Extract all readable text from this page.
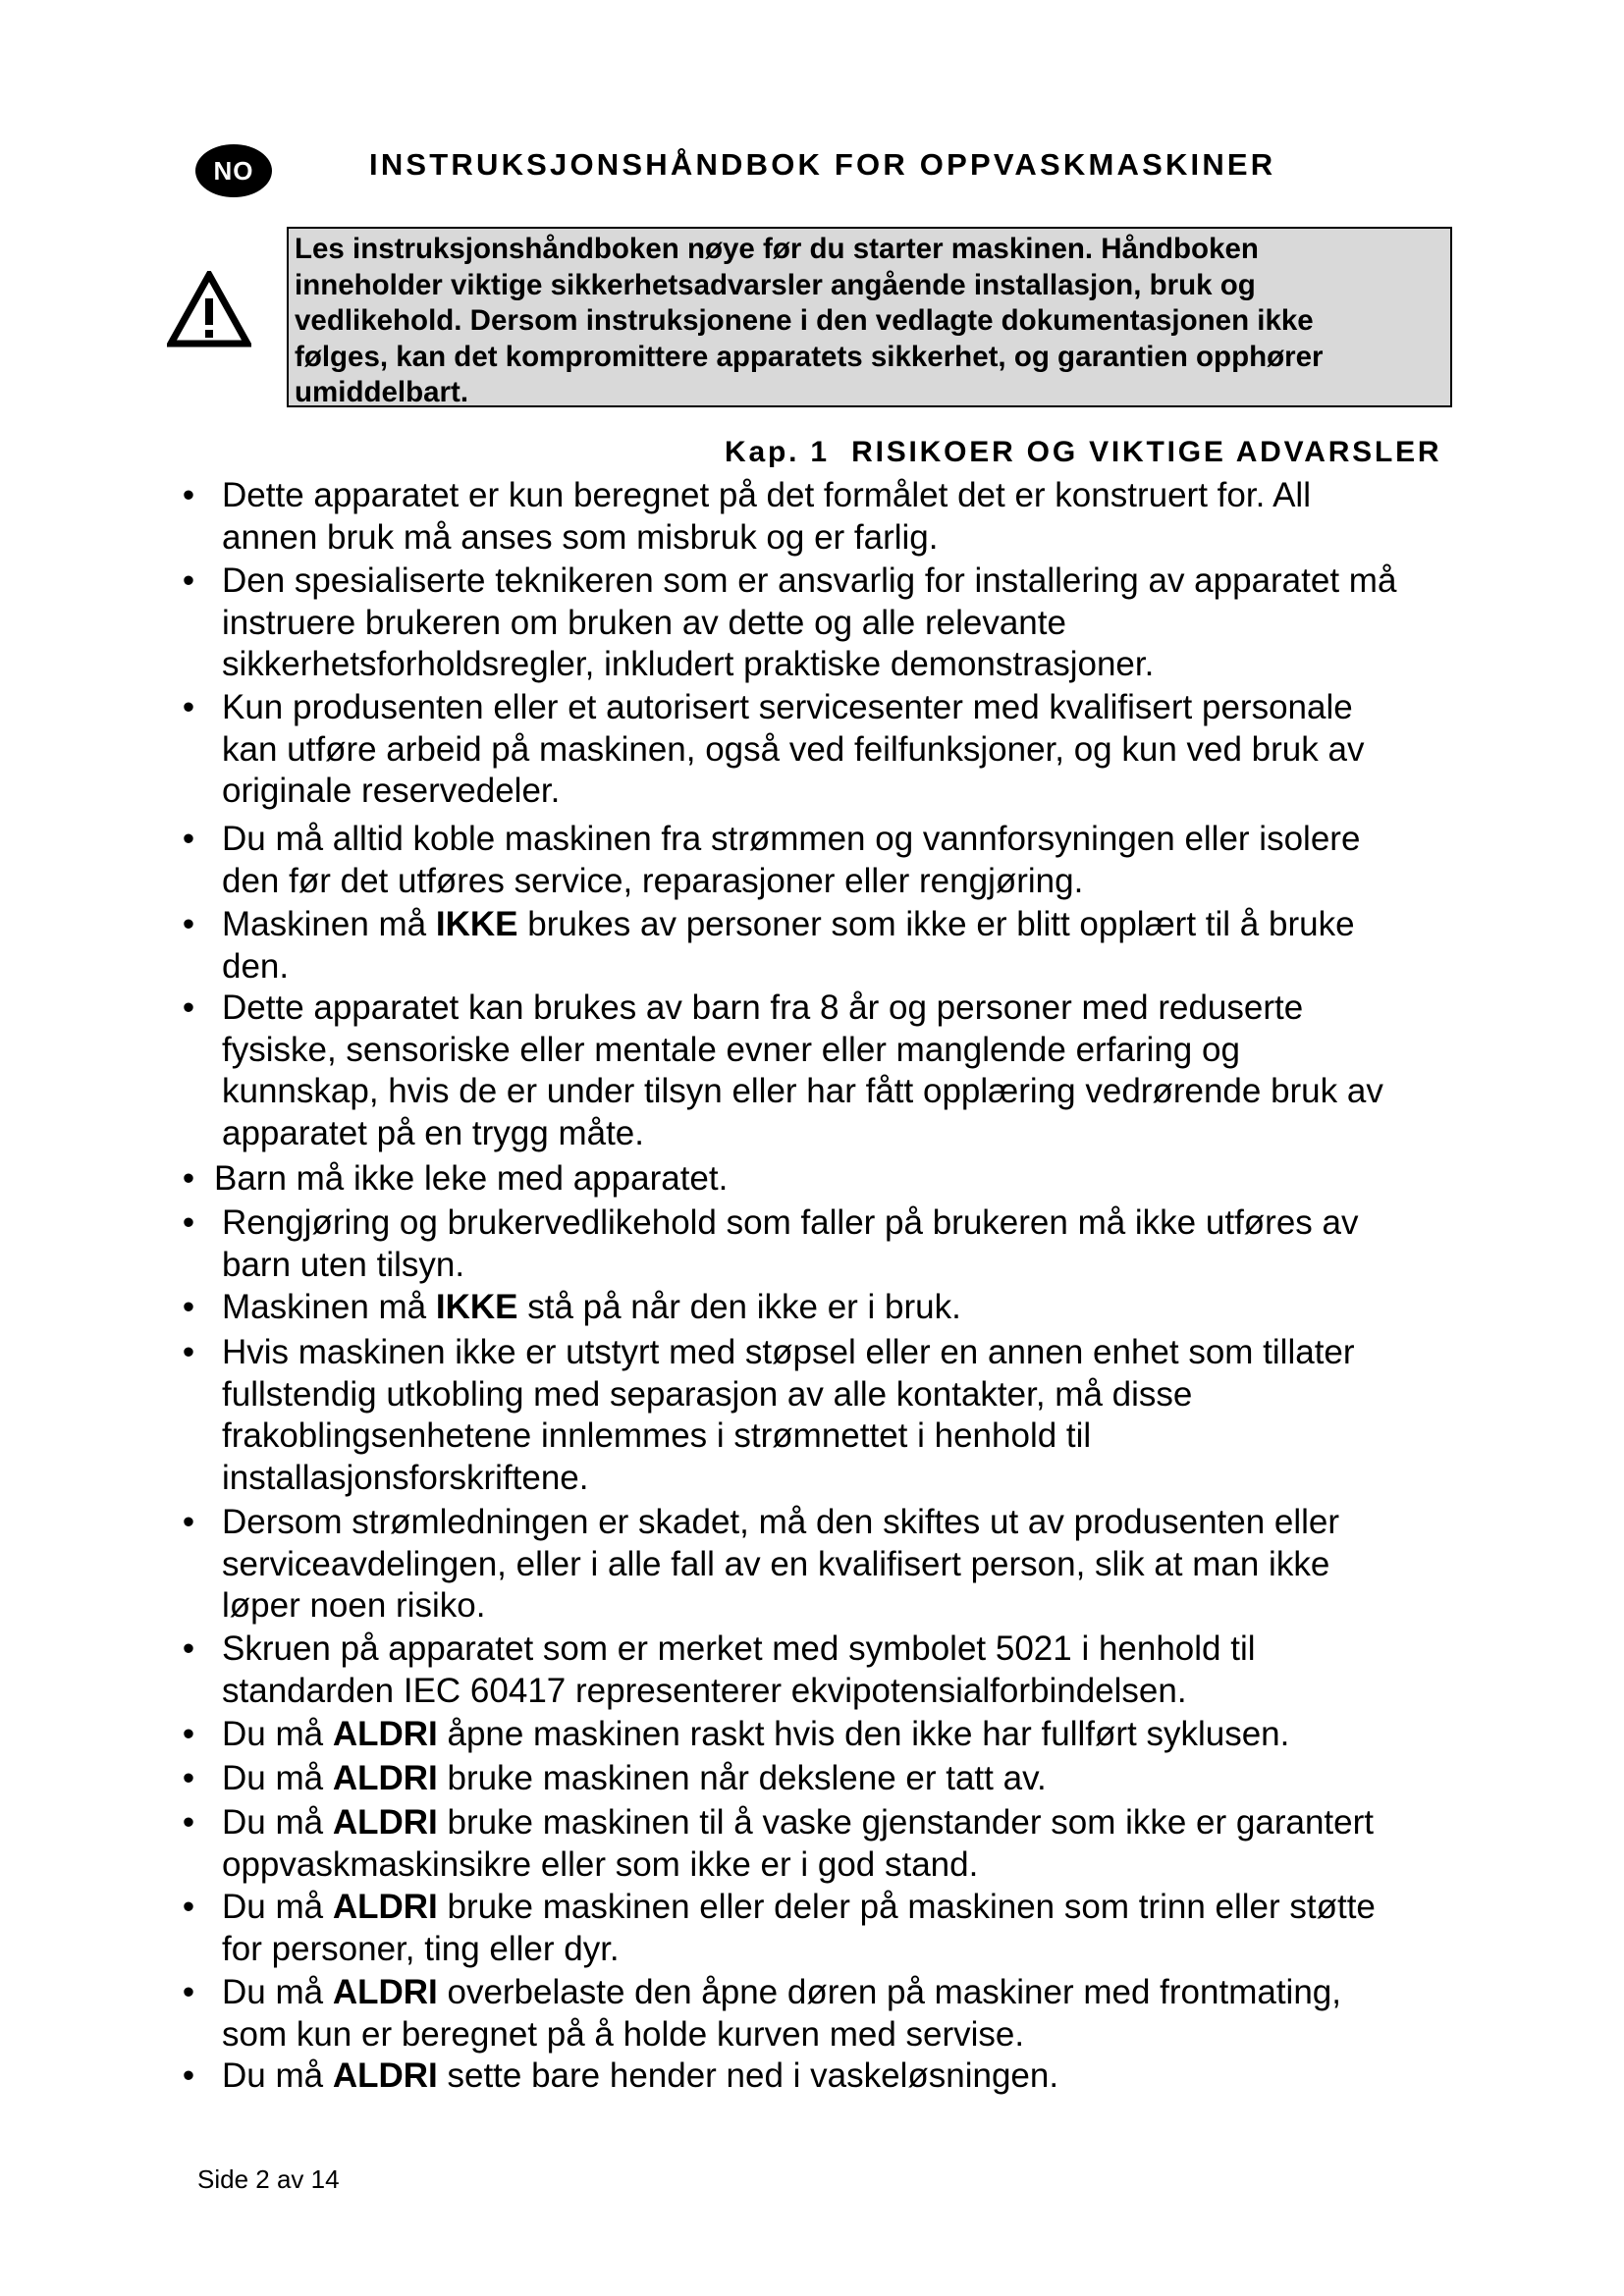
NO	INSTRUKSJONSHÅNDBOK FOR OPPVASKMASKINER
Les instruksjonshåndboken nøye før du starter maskinen. Håndboken
inneholder viktige sikkerhetsadvarsler angående installasjon, bruk og
vedlikehold. Dersom instruksjonene i den vedlagte dokumentasjonen ikke
følges, kan det kompromittere apparatets sikkerhet, og garantien opphører
umiddelbart.
Kap. 1 RISIKOER OG VIKTIGE ADVARSLER
• Dette apparatet er kun beregnet på det formålet det er konstruert for. All
annen bruk må anses som misbruk og er farlig.
• Den spesialiserte teknikeren som er ansvarlig for installering av apparatet må
instruere brukeren om bruken av dette og alle relevante
sikkerhetsforholdsregler, inkludert praktiske demonstrasjoner.
• Kun produsenten eller et autorisert servicesenter med kvalifisert personale
kan utføre arbeid på maskinen, også ved feilfunksjoner, og kun ved bruk av
originale reservedeler.
• Du må alltid koble maskinen fra strømmen og vannforsyningen eller isolere
den før det utføres service, reparasjoner eller rengjøring.
• Maskinen må IKKE brukes av personer som ikke er blitt opplært til å bruke
den.
• Dette apparatet kan brukes av barn fra 8 år og personer med reduserte
fysiske, sensoriske eller mentale evner eller manglende erfaring og
kunnskap, hvis de er under tilsyn eller har fått opplæring vedrørende bruk av
apparatet på en trygg måte.
• Barn må ikke leke med apparatet.
• Rengjøring og brukervedlikehold som faller på brukeren må ikke utføres av
barn uten tilsyn.
• Maskinen må IKKE stå på når den ikke er i bruk.
• Hvis maskinen ikke er utstyrt med støpsel eller en annen enhet som tillater
fullstendig utkobling med separasjon av alle kontakter, må disse
frakoblingsenhetene innlemmes i strømnettet i henhold til
installasjonsforskriftene.
• Dersom strømledningen er skadet, må den skiftes ut av produsenten eller
serviceavdelingen, eller i alle fall av en kvalifisert person, slik at man ikke
løper noen risiko.
• Skruen på apparatet som er merket med symbolet 5021 i henhold til
standarden IEC 60417 representerer ekvipotensialforbindelsen.
• Du må ALDRI åpne maskinen raskt hvis den ikke har fullført syklusen.
• Du må ALDRI bruke maskinen når dekslene er tatt av.
• Du må ALDRI bruke maskinen til å vaske gjenstander som ikke er garantert
oppvaskmaskinsikre eller som ikke er i god stand.
• Du må ALDRI bruke maskinen eller deler på maskinen som trinn eller støtte
for personer, ting eller dyr.
• Du må ALDRI overbelaste den åpne døren på maskiner med frontmating,
som kun er beregnet på å holde kurven med servise.
• Du må ALDRI sette bare hender ned i vaskeløsningen.
Side 2 av 14
